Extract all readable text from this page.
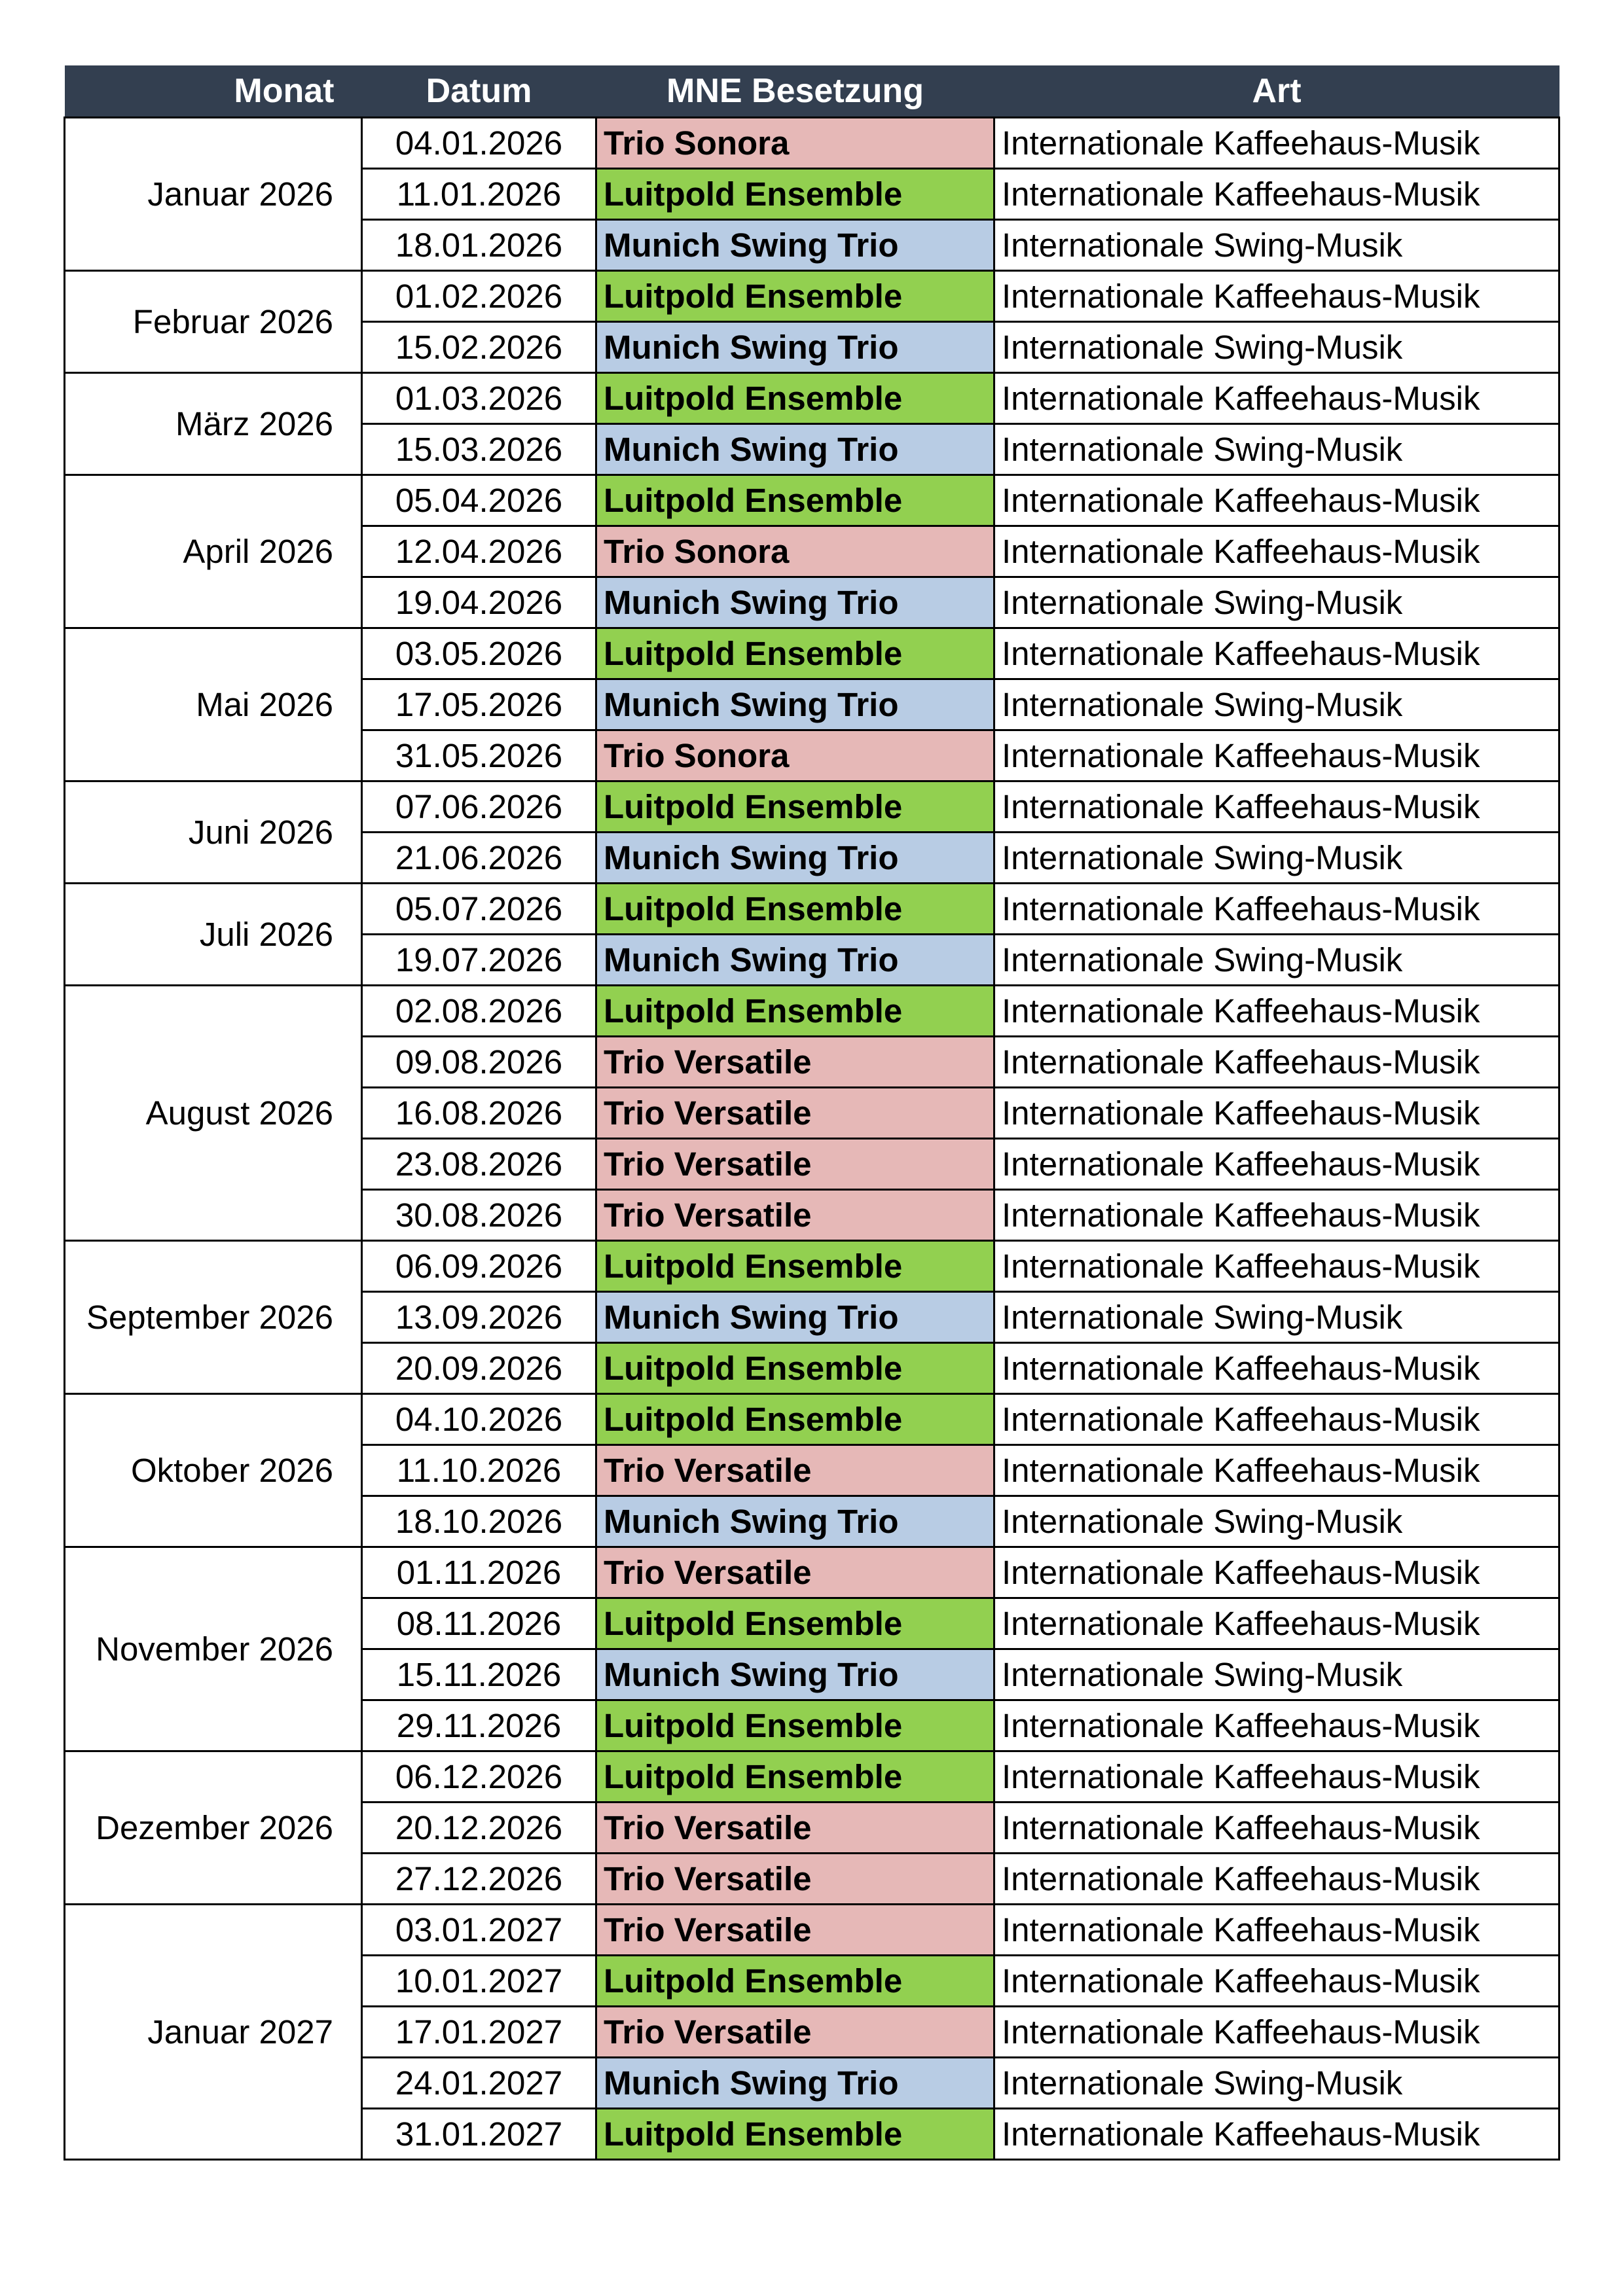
Monat	Datum	MNE Besetzung	Art
Januar 2026	04.01.2026	Trio Sonora	Internationale Kaffeehaus-Musik
	11.01.2026	Luitpold Ensemble	Internationale Kaffeehaus-Musik
	18.01.2026	Munich Swing Trio	Internationale Swing-Musik
Februar 2026	01.02.2026	Luitpold Ensemble	Internationale Kaffeehaus-Musik
	15.02.2026	Munich Swing Trio	Internationale Swing-Musik
März 2026	01.03.2026	Luitpold Ensemble	Internationale Kaffeehaus-Musik
	15.03.2026	Munich Swing Trio	Internationale Swing-Musik
April 2026	05.04.2026	Luitpold Ensemble	Internationale Kaffeehaus-Musik
	12.04.2026	Trio Sonora	Internationale Kaffeehaus-Musik
	19.04.2026	Munich Swing Trio	Internationale Swing-Musik
Mai 2026	03.05.2026	Luitpold Ensemble	Internationale Kaffeehaus-Musik
	17.05.2026	Munich Swing Trio	Internationale Swing-Musik
	31.05.2026	Trio Sonora	Internationale Kaffeehaus-Musik
Juni 2026	07.06.2026	Luitpold Ensemble	Internationale Kaffeehaus-Musik
	21.06.2026	Munich Swing Trio	Internationale Swing-Musik
Juli 2026	05.07.2026	Luitpold Ensemble	Internationale Kaffeehaus-Musik
	19.07.2026	Munich Swing Trio	Internationale Swing-Musik
August 2026	02.08.2026	Luitpold Ensemble	Internationale Kaffeehaus-Musik
	09.08.2026	Trio Versatile	Internationale Kaffeehaus-Musik
	16.08.2026	Trio Versatile	Internationale Kaffeehaus-Musik
	23.08.2026	Trio Versatile	Internationale Kaffeehaus-Musik
	30.08.2026	Trio Versatile	Internationale Kaffeehaus-Musik
September 2026	06.09.2026	Luitpold Ensemble	Internationale Kaffeehaus-Musik
	13.09.2026	Munich Swing Trio	Internationale Swing-Musik
	20.09.2026	Luitpold Ensemble	Internationale Kaffeehaus-Musik
Oktober 2026	04.10.2026	Luitpold Ensemble	Internationale Kaffeehaus-Musik
	11.10.2026	Trio Versatile	Internationale Kaffeehaus-Musik
	18.10.2026	Munich Swing Trio	Internationale Swing-Musik
November 2026	01.11.2026	Trio Versatile	Internationale Kaffeehaus-Musik
	08.11.2026	Luitpold Ensemble	Internationale Kaffeehaus-Musik
	15.11.2026	Munich Swing Trio	Internationale Swing-Musik
	29.11.2026	Luitpold Ensemble	Internationale Kaffeehaus-Musik
Dezember 2026	06.12.2026	Luitpold Ensemble	Internationale Kaffeehaus-Musik
	20.12.2026	Trio Versatile	Internationale Kaffeehaus-Musik
	27.12.2026	Trio Versatile	Internationale Kaffeehaus-Musik
Januar 2027	03.01.2027	Trio Versatile	Internationale Kaffeehaus-Musik
	10.01.2027	Luitpold Ensemble	Internationale Kaffeehaus-Musik
	17.01.2027	Trio Versatile	Internationale Kaffeehaus-Musik
	24.01.2027	Munich Swing Trio	Internationale Swing-Musik
	31.01.2027	Luitpold Ensemble	Internationale Kaffeehaus-Musik
